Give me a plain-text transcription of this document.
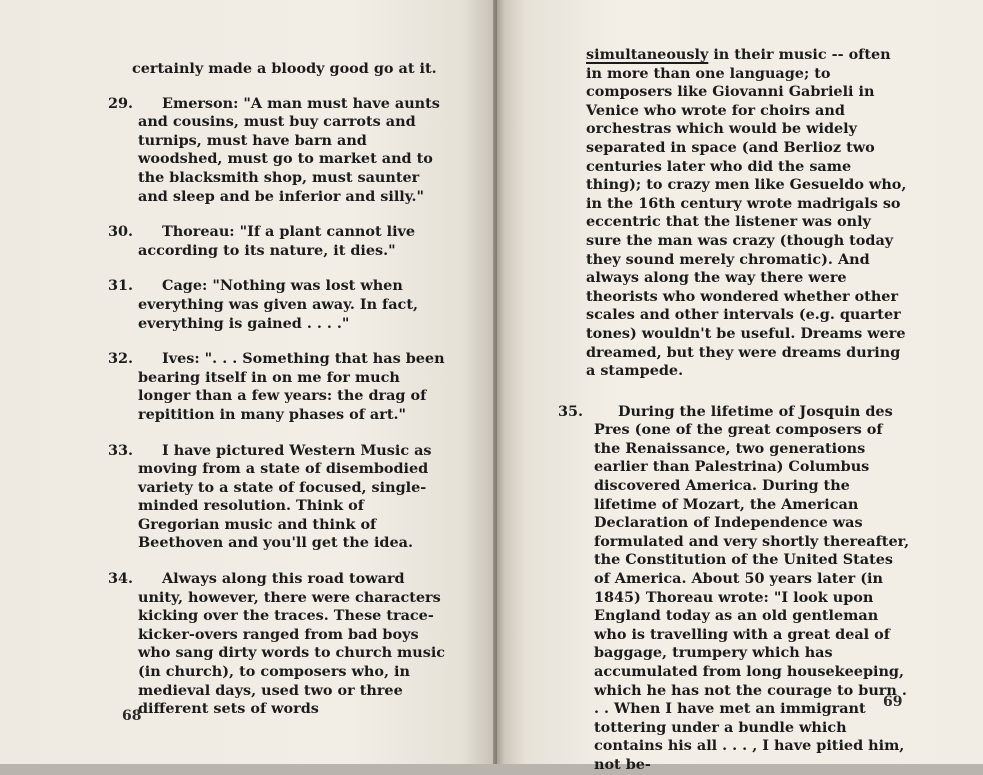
certainly made a bloody good go at it.

29.	Emerson: "A man must have aunts and cousins, must buy carrots and turnips, must have barn and woodshed, must go to market and to the blacksmith shop, must saunter and sleep and be inferior and silly."
30.	Thoreau: "If a plant cannot live according to its nature, it dies."
31.	Cage: "Nothing was lost when everything was given away. In fact, everything is gained . . . ."
32.	Ives: ". . . Something that has been bearing itself in on me for much longer than a few years: the drag of repitition in many phases of art."
33.	I have pictured Western Music as moving from a state of disembodied variety to a state of focused, single-minded resolution. Think of Gregorian music and think of Beethoven and you'll get the idea.
34.	Always along this road toward unity, however, there were characters kicking over the traces. These trace-kicker-overs ranged from bad boys who sang dirty words to church music (in church), to composers who, in medieval days, used two or three different sets of words
68

simultaneously in their music -- often in more than one language; to composers like Giovanni Gabrieli in Venice who wrote for choirs and orchestras which would be widely separated in space (and Berlioz two centuries later who did the same thing); to crazy men like Gesueldo who, in the 16th century wrote madrigals so eccentric that the listener was only sure the man was crazy (though today they sound merely chromatic). And always along the way there were theorists who wondered whether other scales and other intervals (e.g. quarter tones) wouldn't be useful. Dreams were dreamed, but they were dreams during a stampede.

35.	During the lifetime of Josquin des Pres (one of the great composers of the Renaissance, two generations earlier than Palestrina) Columbus discovered America. During the lifetime of Mozart, the American Declaration of Independence was formulated and very shortly thereafter, the Constitution of the United States of America. About 50 years later (in 1845) Thoreau wrote: "I look upon England today as an old gentleman who is travelling with a great deal of baggage, trumpery which has accumulated from long housekeeping, which he has not the courage to burn . . . When I have met an immigrant tottering under a bundle which contains his all . . . , I have pitied him, not be-
69
